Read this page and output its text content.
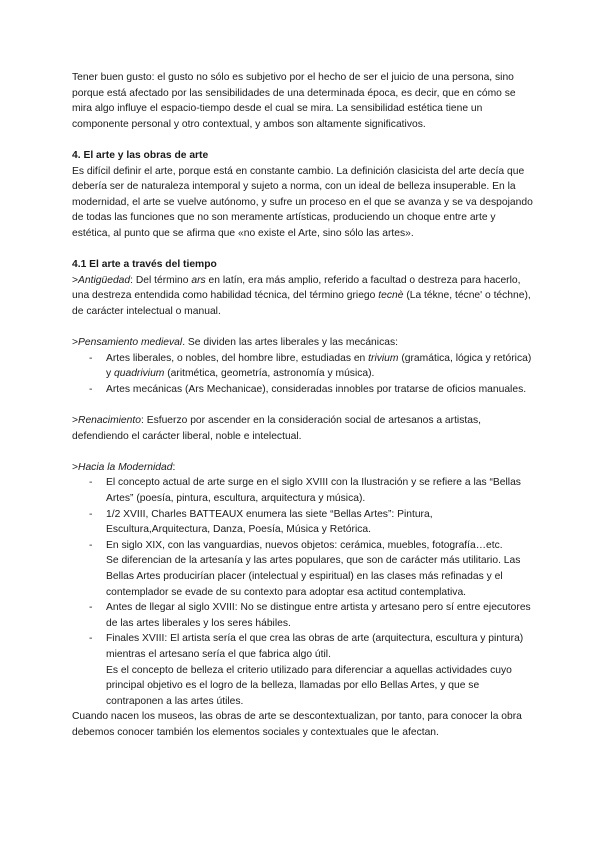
Tener buen gusto: el gusto no sólo es subjetivo por el hecho de ser el juicio de una persona, sino porque está afectado por las sensibilidades de una determinada época, es decir, que en cómo se mira algo influye el espacio-tiempo desde el cual se mira. La sensibilidad estética tiene un componente personal y otro contextual, y ambos son altamente significativos.

4. El arte y las obras de arte

Es difícil definir el arte, porque está en constante cambio. La definición clasicista del arte decía que debería ser de naturaleza intemporal y sujeto a norma, con un ideal de belleza insuperable. En la modernidad, el arte se vuelve autónomo, y sufre un proceso en el que se avanza y se va despojando de todas las funciones que no son meramente artísticas, produciendo un choque entre arte y estética, al punto que se afirma que «no existe el Arte, sino sólo las artes».

4.1 El arte a través del tiempo

>Antigüedad: Del término ars en latín, era más amplio, referido a facultad o destreza para hacerlo, una destreza entendida como habilidad técnica, del término griego tecnè (La tékne, técne' o téchne), de carácter intelectual o manual.

>Pensamiento medieval. Se dividen las artes liberales y las mecánicas:

- Artes liberales, o nobles, del hombre libre, estudiadas en trivium (gramática, lógica y retórica) y quadrivium (aritmética, geometría, astronomía y música).
- Artes mecánicas (Ars Mechanicae), consideradas innobles por tratarse de oficios manuales.

>Renacimiento: Esfuerzo por ascender en la consideración social de artesanos a artistas, defendiendo el carácter liberal, noble e intelectual.

>Hacia la Modernidad:

- El concepto actual de arte surge en el siglo XVIII con la Ilustración y se refiere a las “Bellas Artes” (poesía, pintura, escultura, arquitectura y música).
- 1/2 XVIII, Charles BATTEAUX enumera las siete “Bellas Artes”: Pintura, Escultura,Arquitectura, Danza, Poesía, Música y Retórica.
- En siglo XIX, con las vanguardias, nuevos objetos: cerámica, muebles, fotografía…etc.
Se diferencian de la artesanía y las artes populares, que son de carácter más utilitario. Las Bellas Artes producirían placer (intelectual y espiritual) en las clases más refinadas y el contemplador se evade de su contexto para adoptar esa actitud contemplativa.
- Antes de llegar al siglo XVIII: No se distingue entre artista y artesano pero sí entre ejecutores de las artes liberales y los seres hábiles.
- Finales XVIII: El artista sería el que crea las obras de arte (arquitectura, escultura y pintura) mientras el artesano sería el que fabrica algo útil.
Es el concepto de belleza el criterio utilizado para diferenciar a aquellas actividades cuyo principal objetivo es el logro de la belleza, llamadas por ello Bellas Artes, y que se contraponen a las artes útiles.

Cuando nacen los museos, las obras de arte se descontextualizan, por tanto, para conocer la obra debemos conocer también los elementos sociales y contextuales que le afectan.
